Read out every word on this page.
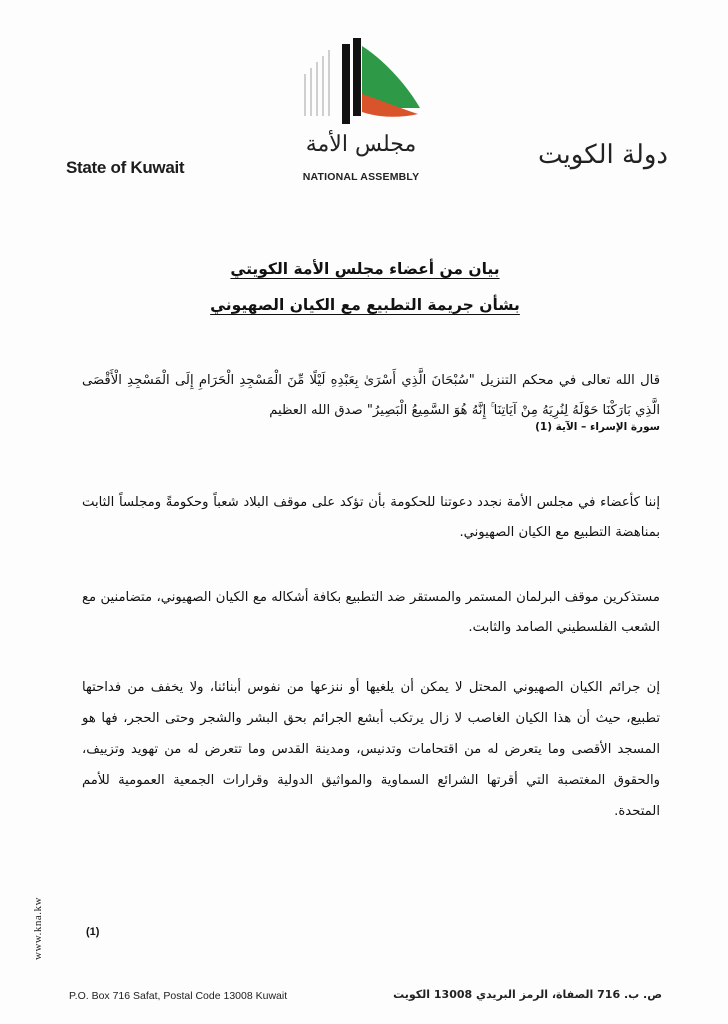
State of Kuwait	دولة الكويت
مجلس الأمة
NATIONAL ASSEMBLY
بيان من أعضاء مجلس الأمة الكويتي
بشأن جريمة التطبيع مع الكيان الصهيوني
قال الله تعالى في محكم التنزيل "سُبْحَانَ الَّذِي أَسْرَىٰ بِعَبْدِهِ لَيْلًا مِّنَ الْمَسْجِدِ الْحَرَامِ إِلَى الْمَسْجِدِ الْأَقْصَى الَّذِي بَارَكْنَا حَوْلَهُ لِنُرِيَهُ مِنْ آيَاتِنَا ۚ إِنَّهُ هُوَ السَّمِيعُ الْبَصِيرُ" صدق الله العظيم
سورة الإسراء – الآية (1)
إننا كأعضاء في مجلس الأمة نجدد دعوتنا للحكومة بأن تؤكد على موقف البلاد شعباً وحكومةً ومجلساً الثابت بمناهضة التطبيع مع الكيان الصهيوني.
مستذكرين موقف البرلمان المستمر والمستقر ضد التطبيع بكافة أشكاله مع الكيان الصهيوني، متضامنين مع الشعب الفلسطيني الصامد والثابت.
إن جرائم الكيان الصهيوني المحتل لا يمكن أن يلغيها أو ننزعها من نفوس أبنائنا، ولا يخفف من فداحتها تطبيع، حيث أن هذا الكيان الغاصب لا زال يرتكب أبشع الجرائم بحق البشر والشجر وحتى الحجر، فها هو المسجد الأقصى وما يتعرض له من اقتحامات وتدنيس، ومدينة القدس وما تتعرض له من تهويد وتزييف، والحقوق المغتصبة التي أقرتها الشرائع السماوية والمواثيق الدولية وقرارات الجمعية العمومية للأمم المتحدة.
(1)
www.kna.kw
P.O. Box 716 Safat, Postal Code 13008 Kuwait	ص. ب. 716 الصفاة، الرمز البريدي 13008 الكويت
